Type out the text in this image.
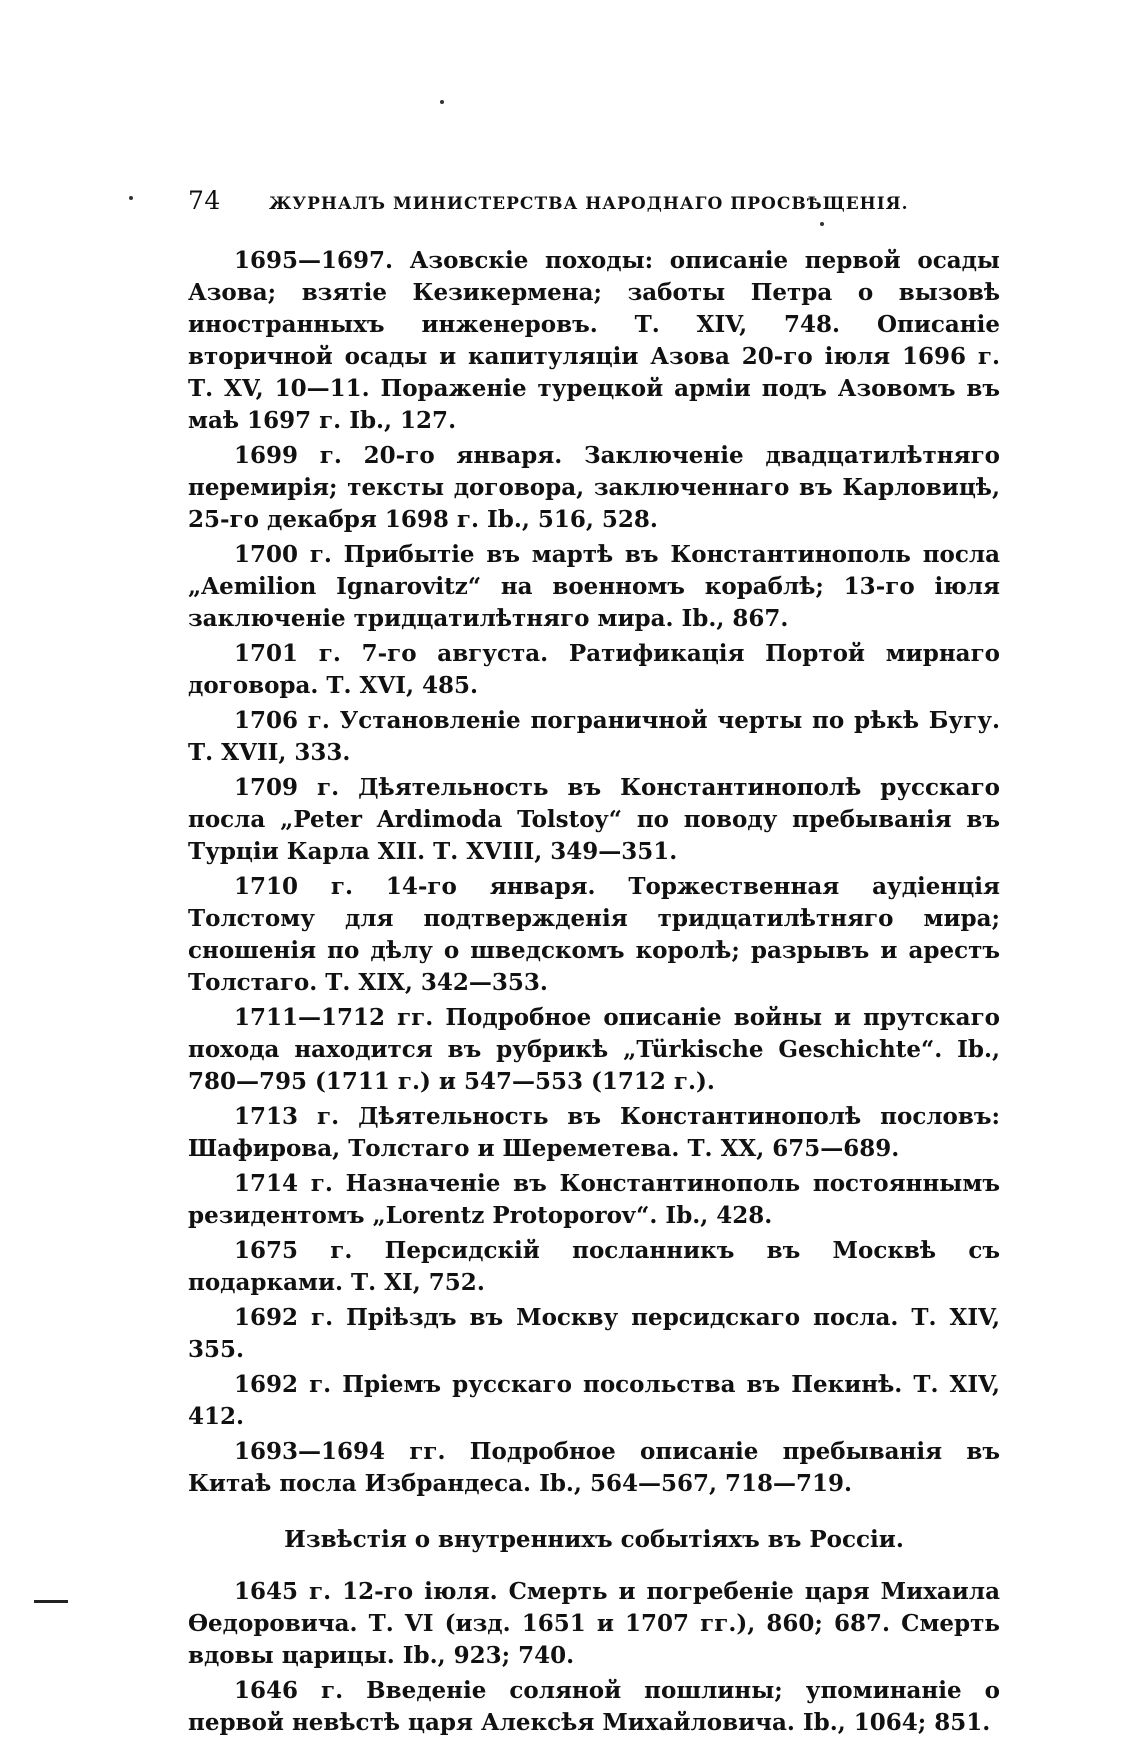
74	ЖУРНАЛЪ МИНИСТЕРСТВА НАРОДНАГО ПРОСВѢЩЕНІЯ.

1695—1697. Азовскіе походы: описаніе первой осады Азова; взятіе Кезикермена; заботы Петра о вызовѣ иностранныхъ инженеровъ. Т. XIV, 748. Описаніе вторичной осады и капитуляціи Азова 20-го іюля 1696 г. Т. XV, 10—11. Пораженіе турецкой арміи подъ Азовомъ въ маѣ 1697 г. Ib., 127.

1699 г. 20-го января. Заключеніе двадцатилѣтняго перемирія; тексты договора, заключеннаго въ Карловицѣ, 25-го декабря 1698 г. Ib., 516, 528.

1700 г. Прибытіе въ мартѣ въ Константинополь посла „Aemilion Ignarovitz“ на военномъ кораблѣ; 13-го іюля заключеніе тридцатилѣтняго мира. Ib., 867.

1701 г. 7-го августа. Ратификація Портой мирнаго договора. Т. XVI, 485.

1706 г. Установленіе пограничной черты по рѣкѣ Бугу. Т. XVII, 333.

1709 г. Дѣятельность въ Константинополѣ русскаго посла „Peter Ardimoda Tolstoy“ по поводу пребыванія въ Турціи Карла XII. Т. XVIII, 349—351.

1710 г. 14-го января. Торжественная аудіенція Толстому для подтвержденія тридцатилѣтняго мира; сношенія по дѣлу о шведскомъ королѣ; разрывъ и арестъ Толстаго. Т. XIX, 342—353.

1711—1712 гг. Подробное описаніе войны и прутскаго похода находится въ рубрикѣ „Türkische Geschichte“. Ib., 780—795 (1711 г.) и 547—553 (1712 г.).

1713 г. Дѣятельность въ Константинополѣ пословъ: Шафирова, Толстаго и Шереметева. Т. XX, 675—689.

1714 г. Назначеніе въ Константинополь постояннымъ резидентомъ „Lorentz Protoporov“. Ib., 428.

1675 г. Персидскій посланникъ въ Москвѣ съ подарками. Т. XI, 752.

1692 г. Пріѣздъ въ Москву персидскаго посла. Т. XIV, 355.

1692 г. Пріемъ русскаго посольства въ Пекинѣ. Т. XIV, 412.

1693—1694 гг. Подробное описаніе пребыванія въ Китаѣ посла Избрандеса. Ib., 564—567, 718—719.

Извѣстія о внутреннихъ событіяхъ въ Россіи.

1645 г. 12-го іюля. Смерть и погребеніе царя Михаила Ѳедоровича. Т. VI (изд. 1651 и 1707 гг.), 860; 687. Смерть вдовы царицы. Ib., 923; 740.

1646 г. Введеніе соляной пошлины; упоминаніе о первой невѣстѣ царя Алексѣя Михайловича. Ib., 1064; 851.
